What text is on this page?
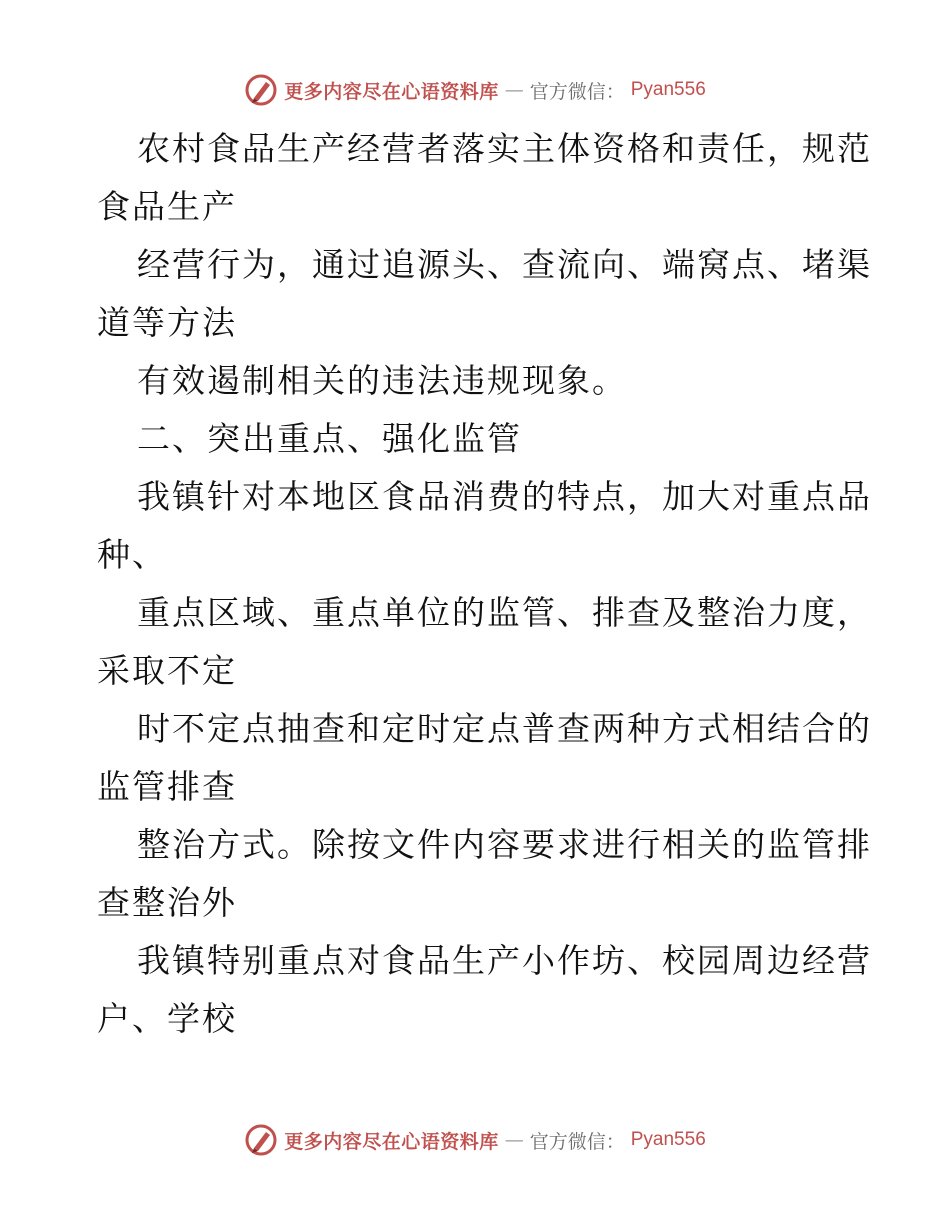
更多内容尽在心语资料库 — 官方微信： Pyan556
农村食品生产经营者落实主体资格和责任，规范
食品生产
经营行为，通过追源头、查流向、端窝点、堵渠
道等方法
有效遏制相关的违法违规现象。
二、突出重点、强化监管
我镇针对本地区食品消费的特点，加大对重点品
种、
重点区域、重点单位的监管、排查及整治力度，
采取不定
时不定点抽查和定时定点普查两种方式相结合的
监管排查
整治方式。除按文件内容要求进行相关的监管排
查整治外
我镇特别重点对食品生产小作坊、校园周边经营
户、学校
更多内容尽在心语资料库 — 官方微信： Pyan556
